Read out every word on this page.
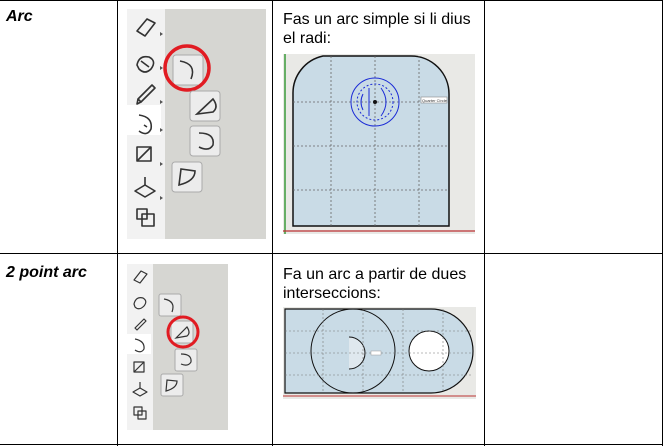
Arc	Fas un arc simple si li dius el radi:
Quarter Circle
2 point arc	Fa un arc a partir de dues interseccions:
